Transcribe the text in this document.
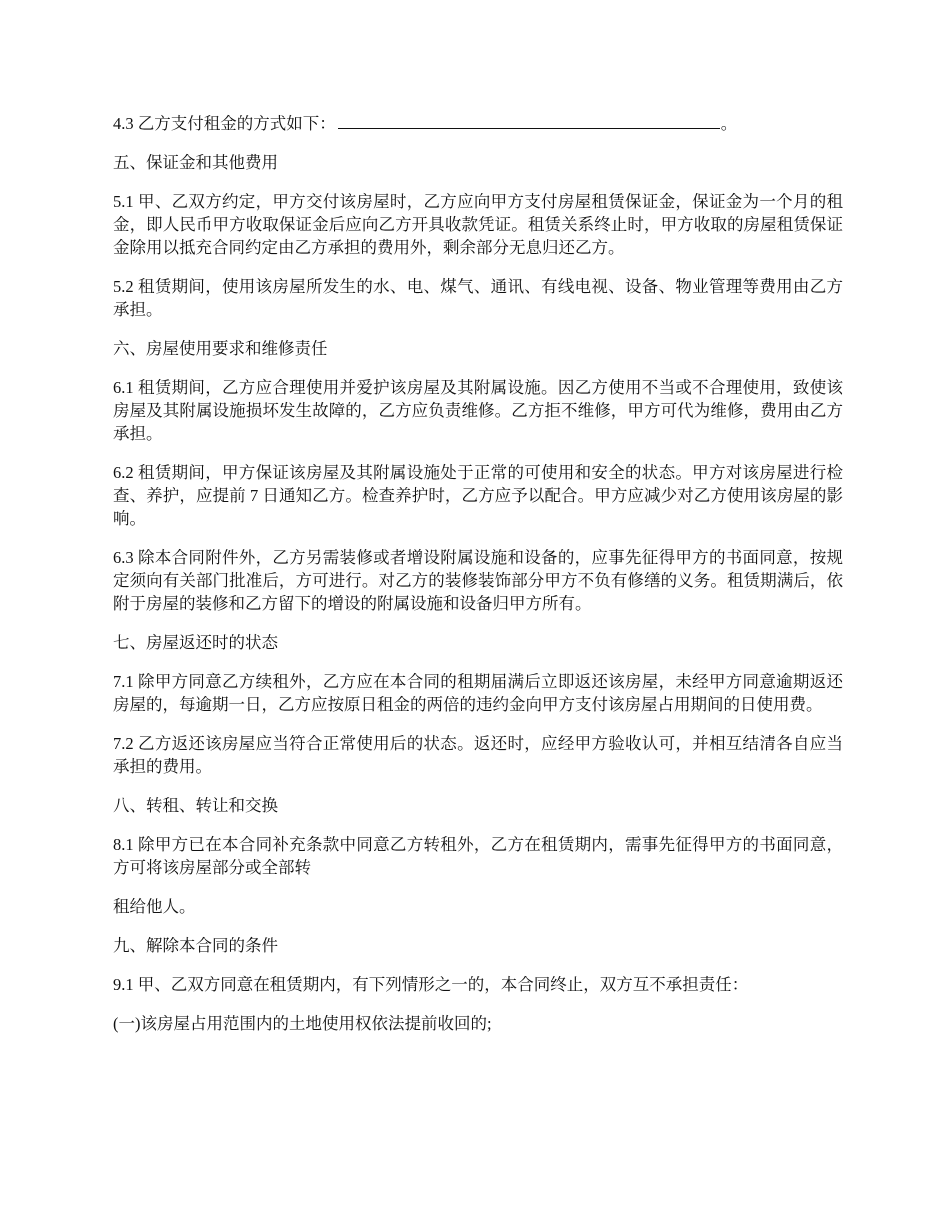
4.3 乙方支付租金的方式如下：	。

五、保证金和其他费用

5.1 甲、乙双方约定，甲方交付该房屋时，乙方应向甲方支付房屋租赁保证金，保证金为一个月的租金，即人民币甲方收取保证金后应向乙方开具收款凭证。租赁关系终止时，甲方收取的房屋租赁保证金除用以抵充合同约定由乙方承担的费用外，剩余部分无息归还乙方。

5.2 租赁期间，使用该房屋所发生的水、电、煤气、通讯、有线电视、设备、物业管理等费用由乙方承担。

六、房屋使用要求和维修责任

6.1 租赁期间，乙方应合理使用并爱护该房屋及其附属设施。因乙方使用不当或不合理使用，致使该房屋及其附属设施损坏发生故障的，乙方应负责维修。乙方拒不维修，甲方可代为维修，费用由乙方承担。

6.2 租赁期间，甲方保证该房屋及其附属设施处于正常的可使用和安全的状态。甲方对该房屋进行检查、养护，应提前 7 日通知乙方。检查养护时，乙方应予以配合。甲方应减少对乙方使用该房屋的影响。

6.3 除本合同附件外，乙方另需装修或者增设附属设施和设备的，应事先征得甲方的书面同意，按规定须向有关部门批准后，方可进行。对乙方的装修装饰部分甲方不负有修缮的义务。租赁期满后，依附于房屋的装修和乙方留下的增设的附属设施和设备归甲方所有。

七、房屋返还时的状态

7.1 除甲方同意乙方续租外，乙方应在本合同的租期届满后立即返还该房屋，未经甲方同意逾期返还房屋的，每逾期一日，乙方应按原日租金的两倍的违约金向甲方支付该房屋占用期间的日使用费。

7.2 乙方返还该房屋应当符合正常使用后的状态。返还时，应经甲方验收认可，并相互结清各自应当承担的费用。

八、转租、转让和交换

8.1 除甲方已在本合同补充条款中同意乙方转租外，乙方在租赁期内，需事先征得甲方的书面同意，方可将该房屋部分或全部转

租给他人。

九、解除本合同的条件

9.1 甲、乙双方同意在租赁期内，有下列情形之一的，本合同终止，双方互不承担责任：

(一)该房屋占用范围内的土地使用权依法提前收回的;
